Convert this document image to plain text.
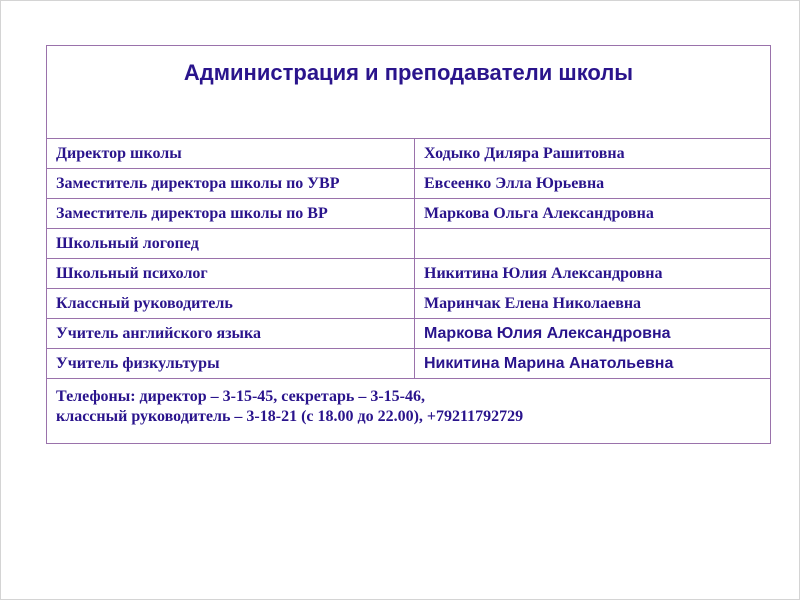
Администрация и преподаватели школы	
Директор школы	Ходыко Диляра Рашитовна
Заместитель директора школы по УВР	Евсеенко Элла Юрьевна
Заместитель директора школы по ВР	Маркова Ольга Александровна
Школьный логопед	
Школьный психолог	Никитина Юлия Александровна
Классный руководитель	Маринчак Елена Николаевна
Учитель английского языка	Маркова Юлия Александровна
Учитель физкультуры	Никитина Марина Анатольевна

Телефоны: директор – 3-15-45, секретарь – 3-15-46,
классный руководитель – 3-18-21 (с 18.00 до 22.00), +79211792729	
